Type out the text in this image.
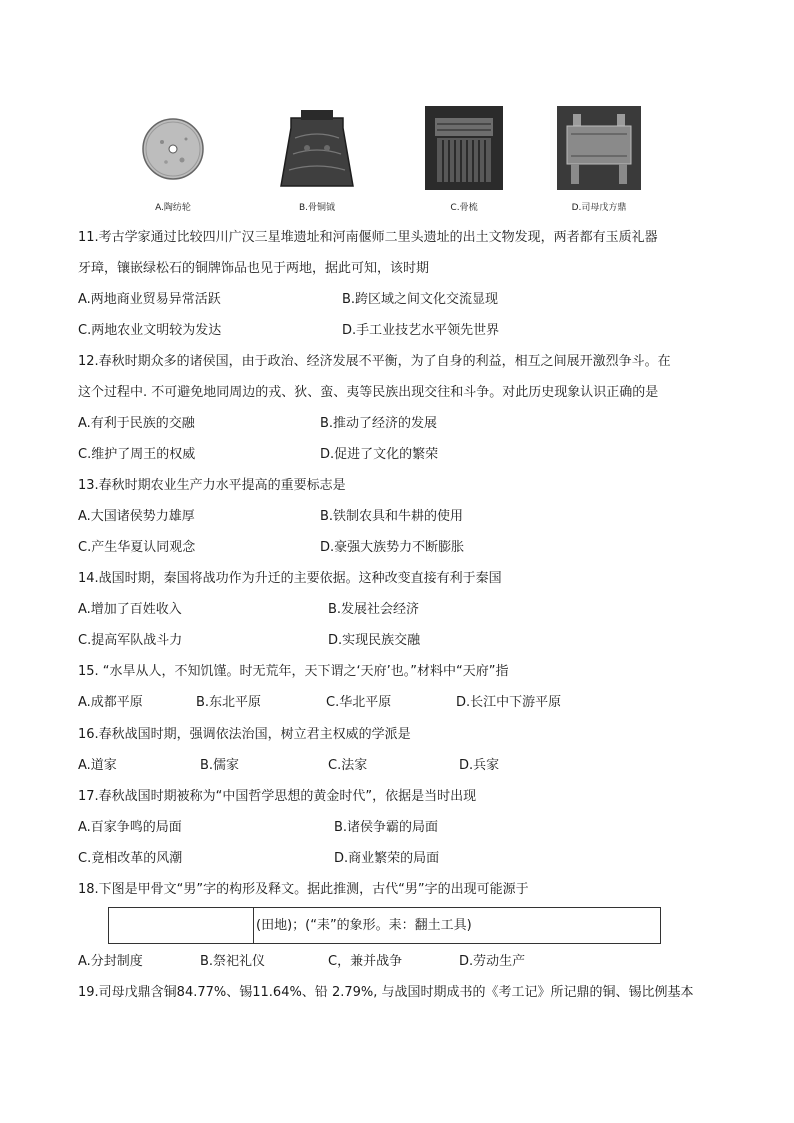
A.陶纺轮	B.骨铜钺	C.骨梳	D.司母戊方鼎
11.考古学家通过比较四川广汉三星堆遗址和河南偃师二里头遗址的出土文物发现，两者都有玉质礼器
牙璋，镶嵌绿松石的铜牌饰品也见于两地，据此可知，该时期
A.两地商业贸易异常活跃	B.跨区域之间文化交流显现
C.两地农业文明较为发达	D.手工业技艺水平领先世界
12.春秋时期众多的诸侯国，由于政治、经济发展不平衡，为了自身的利益，相互之间展开激烈争斗。在
这个过程中. 不可避免地同周边的戎、狄、蛮、夷等民族出现交往和斗争。对此历史现象认识正确的是
A.有利于民族的交融	B.推动了经济的发展
C.维护了周王的权威	D.促进了文化的繁荣
13.春秋时期农业生产力水平提高的重要标志是
A.大国诸侯势力雄厚	B.铁制农具和牛耕的使用
C.产生华夏认同观念	D.豪强大族势力不断膨胀
14.战国时期，秦国将战功作为升迁的主要依据。这种改变直接有利于秦国
A.增加了百姓收入	B.发展社会经济
C.提高军队战斗力	D.实现民族交融
15. “水旱从人，不知饥馑。时无荒年，天下谓之‘天府’也。”材料中“天府”指
A.成都平原	B.东北平原	C.华北平原	D.长江中下游平原
16.春秋战国时期，强调依法治国，树立君主权威的学派是
A.道家	B.儒家	C.法家	D.兵家
17.春秋战国时期被称为“中国哲学思想的黄金时代”，依据是当时出现
A.百家争鸣的局面	B.诸侯争霸的局面
C.竟相改革的风潮	D.商业繁荣的局面
18.下图是甲骨文“男”字的构形及释文。据此推测，古代“男”字的出现可能源于
(田地)；(“耒”的象形。耒：翻土工具)
A.分封制度	B.祭祀礼仪	C，兼并战争	D.劳动生产
19.司母戊鼎含铜84.77%、锡11.64%、铅 2.79%, 与战国时期成书的《考工记》所记鼎的铜、锡比例基本
